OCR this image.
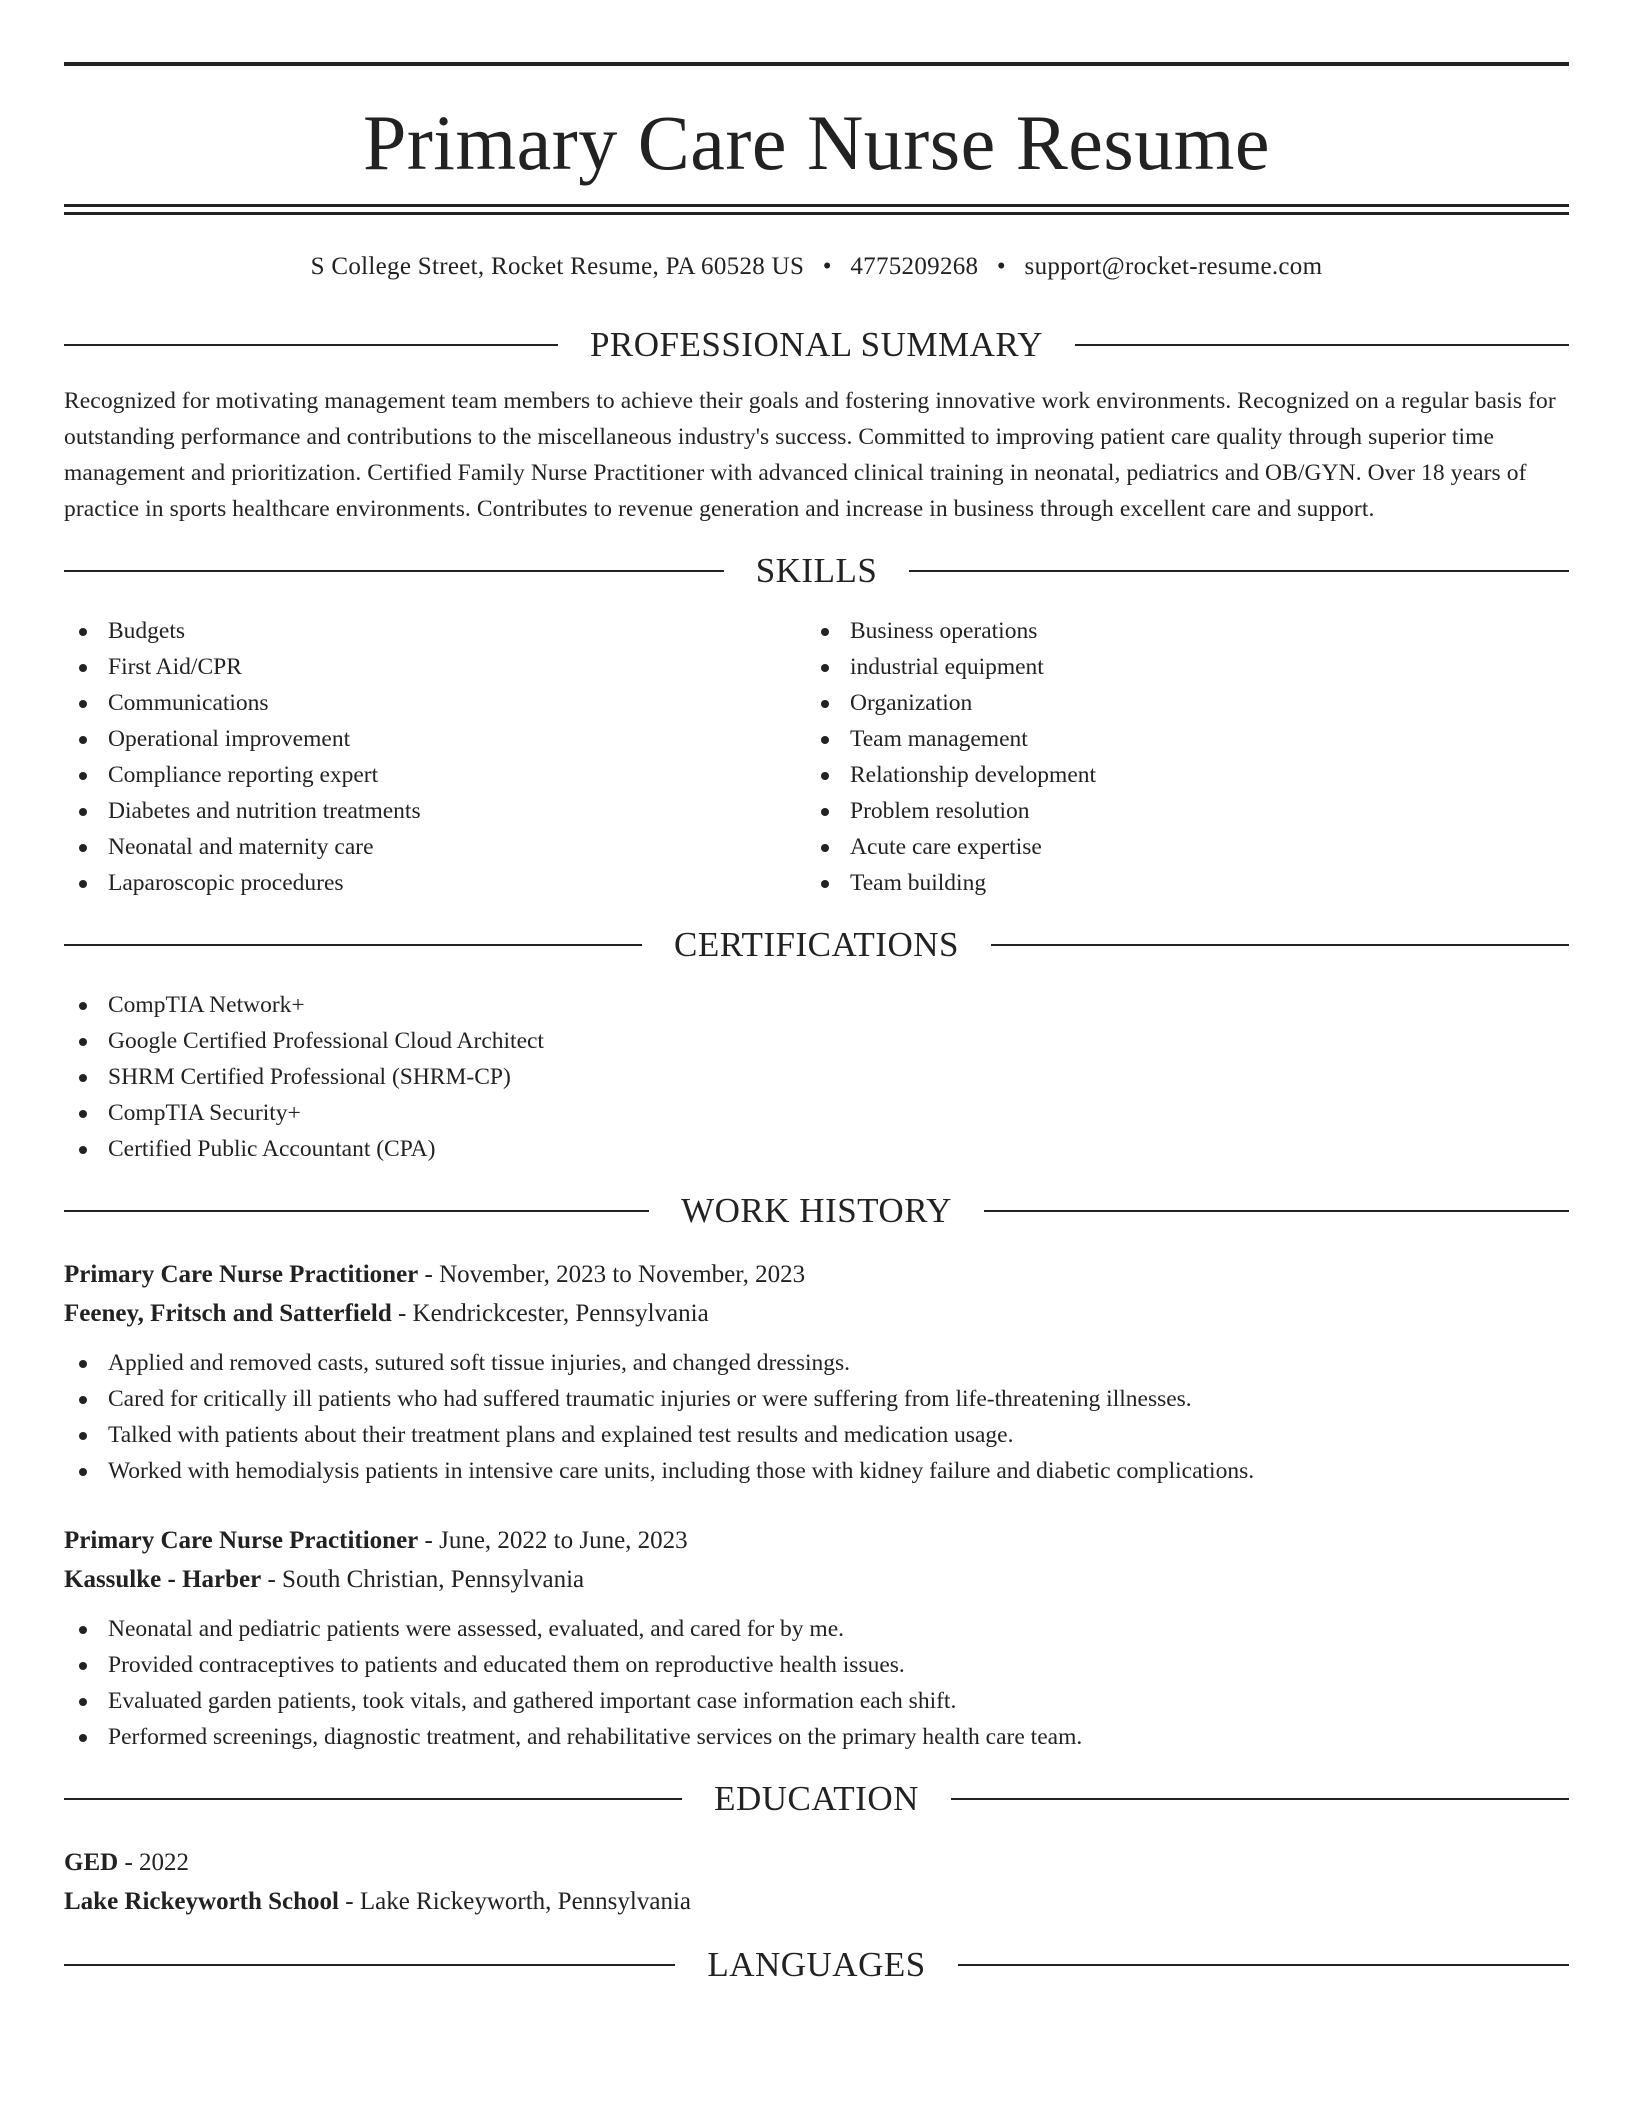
Primary Care Nurse Resume
S College Street, Rocket Resume, PA 60528 US • 4775209268 • support@rocket-resume.com
PROFESSIONAL SUMMARY

Recognized for motivating management team members to achieve their goals and fostering innovative work environments. Recognized on a regular basis for outstanding performance and contributions to the miscellaneous industry's success. Committed to improving patient care quality through superior time management and prioritization. Certified Family Nurse Practitioner with advanced clinical training in neonatal, pediatrics and OB/GYN. Over 18 years of practice in sports healthcare environments. Contributes to revenue generation and increase in business through excellent care and support.

SKILLS
Budgets
First Aid/CPR
Communications
Operational improvement
Compliance reporting expert
Diabetes and nutrition treatments
Neonatal and maternity care
Laparoscopic procedures
Business operations
industrial equipment
Organization
Team management
Relationship development
Problem resolution
Acute care expertise
Team building
CERTIFICATIONS
CompTIA Network+
Google Certified Professional Cloud Architect
SHRM Certified Professional (SHRM-CP)
CompTIA Security+
Certified Public Accountant (CPA)
WORK HISTORY
Primary Care Nurse Practitioner - November, 2023 to November, 2023
Feeney, Fritsch and Satterfield - Kendrickcester, Pennsylvania
Applied and removed casts, sutured soft tissue injuries, and changed dressings.
Cared for critically ill patients who had suffered traumatic injuries or were suffering from life-threatening illnesses.
Talked with patients about their treatment plans and explained test results and medication usage.
Worked with hemodialysis patients in intensive care units, including those with kidney failure and diabetic complications.
Primary Care Nurse Practitioner - June, 2022 to June, 2023
Kassulke - Harber - South Christian, Pennsylvania
Neonatal and pediatric patients were assessed, evaluated, and cared for by me.
Provided contraceptives to patients and educated them on reproductive health issues.
Evaluated garden patients, took vitals, and gathered important case information each shift.
Performed screenings, diagnostic treatment, and rehabilitative services on the primary health care team.
EDUCATION
GED - 2022
Lake Rickeyworth School - Lake Rickeyworth, Pennsylvania
LANGUAGES
